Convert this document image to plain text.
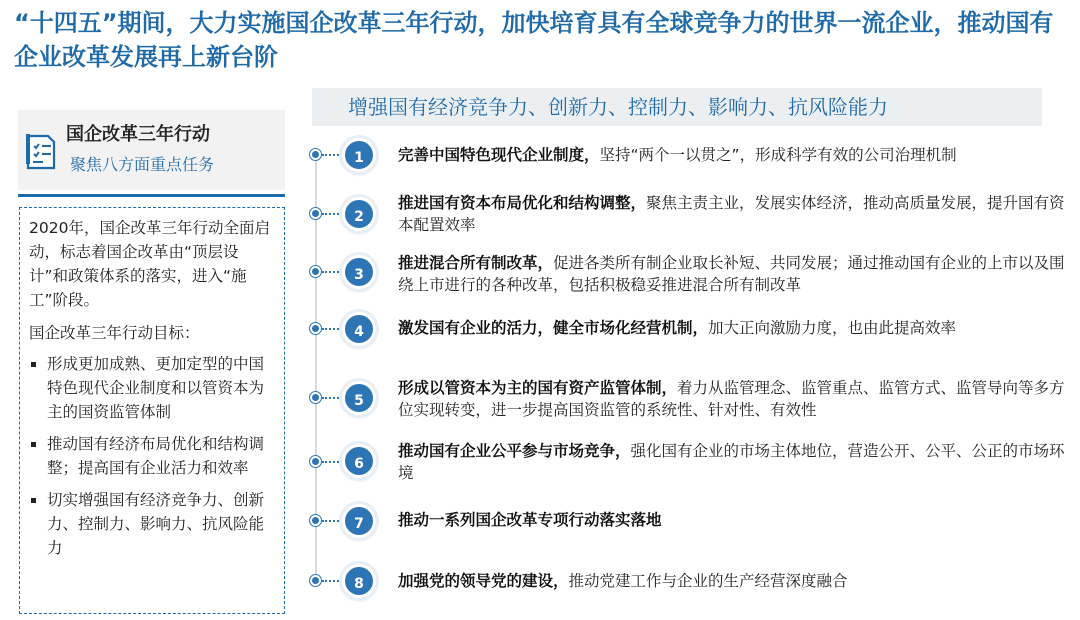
“十四五”期间，大力实施国企改革三年行动，加快培育具有全球竞争力的世界一流企业，推动国有企业改革发展再上新台阶
国企改革三年行动
聚焦八方面重点任务
2020年，国企改革三年行动全面启动，标志着国企改革由“顶层设计”和政策体系的落实，进入“施工”阶段。
国企改革三年行动目标：
形成更加成熟、更加定型的中国特色现代企业制度和以管资本为主的国资监管体制
推动国有经济布局优化和结构调整；提高国有企业活力和效率
切实增强国有经济竞争力、创新力、控制力、影响力、抗风险能力
增强国有经济竞争力、创新力、控制力、影响力、抗风险能力
1	完善中国特色现代企业制度，坚持“两个一以贯之”，形成科学有效的公司治理机制
2
推进国有资本布局优化和结构调整，聚焦主责主业，发展实体经济，推动高质量发展，提升国有资本配置效率
3
推进混合所有制改革，促进各类所有制企业取长补短、共同发展；通过推动国有企业的上市以及围绕上市进行的各种改革，包括积极稳妥推进混合所有制改革
4	激发国有企业的活力，健全市场化经营机制，加大正向激励力度，也由此提高效率
5
形成以管资本为主的国有资产监管体制，着力从监管理念、监管重点、监管方式、监管导向等多方位实现转变，进一步提高国资监管的系统性、针对性、有效性
6
推动国有企业公平参与市场竞争，强化国有企业的市场主体地位，营造公开、公平、公正的市场环境
7	推动一系列国企改革专项行动落实落地
8	加强党的领导党的建设，推动党建工作与企业的生产经营深度融合
